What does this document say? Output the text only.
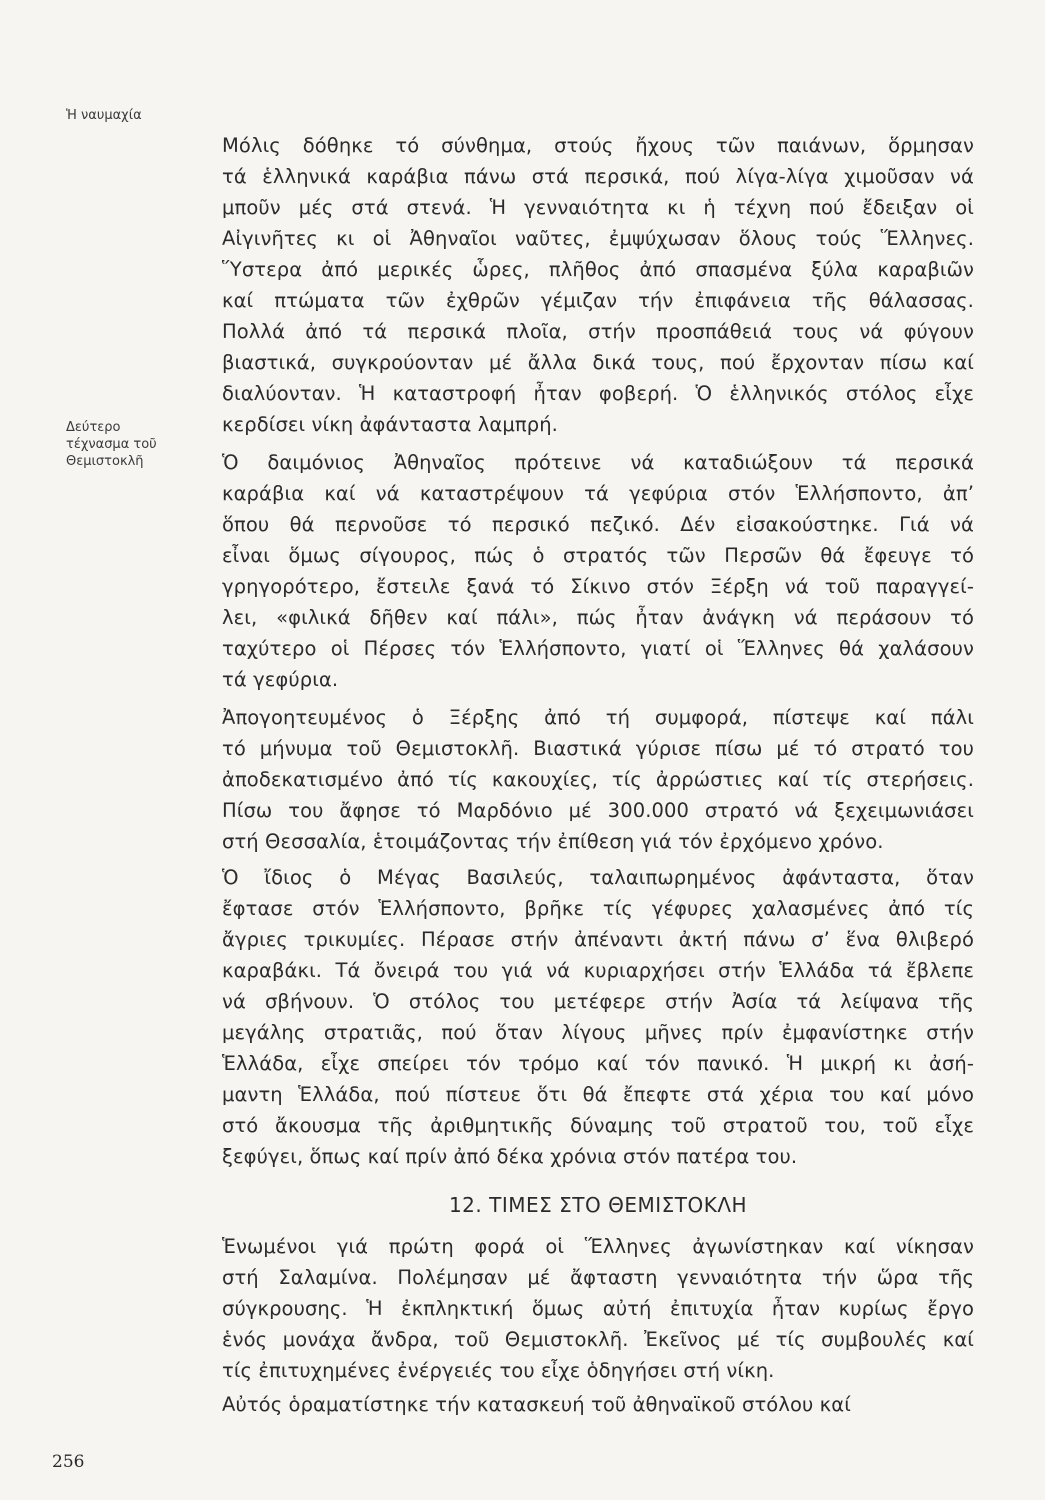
Ἡ ναυμαχία
Δεύτερο
τέχνασμα τοῦ
Θεμιστοκλῆ
Μόλις δόθηκε τό σύνθημα, στούς ἤχους τῶν παιάνων, ὅρμησαν
τά ἑλληνικά καράβια πάνω στά περσικά, πού λίγα-λίγα χιμοῦσαν νά
μποῦν μές στά στενά. Ἡ γενναιότητα κι ἡ τέχνη πού ἔδειξαν οἱ
Αἰγινῆτες κι οἱ Ἀθηναῖοι ναῦτες, ἐμψύχωσαν ὅλους τούς Ἕλληνες.
Ὕστερα ἀπό μερικές ὧρες, πλῆθος ἀπό σπασμένα ξύλα καραβιῶν
καί πτώματα τῶν ἐχθρῶν γέμιζαν τήν ἐπιφάνεια τῆς θάλασσας.
Πολλά ἀπό τά περσικά πλοῖα, στήν προσπάθειά τους νά φύγουν
βιαστικά, συγκρούονταν μέ ἄλλα δικά τους, πού ἔρχονταν πίσω καί
διαλύονταν. Ἡ καταστροφή ἦταν φοβερή. Ὁ ἑλληνικός στόλος εἶχε
κερδίσει νίκη ἀφάνταστα λαμπρή.
Ὁ δαιμόνιος Ἀθηναῖος πρότεινε νά καταδιώξουν τά περσικά
καράβια καί νά καταστρέψουν τά γεφύρια στόν Ἑλλήσποντο, ἀπ’
ὅπου θά περνοῦσε τό περσικό πεζικό. Δέν εἰσακούστηκε. Γιά νά
εἶναι ὅμως σίγουρος, πώς ὁ στρατός τῶν Περσῶν θά ἔφευγε τό
γρηγορότερο, ἔστειλε ξανά τό Σίκινο στόν Ξέρξη νά τοῦ παραγγεί-
λει, «φιλικά δῆθεν καί πάλι», πώς ἦταν ἀνάγκη νά περάσουν τό
ταχύτερο οἱ Πέρσες τόν Ἑλλήσποντο, γιατί οἱ Ἕλληνες θά χαλάσουν
τά γεφύρια.
Ἀπογοητευμένος ὁ Ξέρξης ἀπό τή συμφορά, πίστεψε καί πάλι
τό μήνυμα τοῦ Θεμιστοκλῆ. Βιαστικά γύρισε πίσω μέ τό στρατό του
ἀποδεκατισμένο ἀπό τίς κακουχίες, τίς ἀρρώστιες καί τίς στερήσεις.
Πίσω του ἄφησε τό Μαρδόνιο μέ 300.000 στρατό νά ξεχειμωνιάσει
στή Θεσσαλία, ἑτοιμάζοντας τήν ἐπίθεση γιά τόν ἐρχόμενο χρόνο.
Ὁ ἴδιος ὁ Μέγας Βασιλεύς, ταλαιπωρημένος ἀφάνταστα, ὅταν
ἔφτασε στόν Ἑλλήσποντο, βρῆκε τίς γέφυρες χαλασμένες ἀπό τίς
ἄγριες τρικυμίες. Πέρασε στήν ἀπέναντι ἀκτή πάνω σ’ ἕνα θλιβερό
καραβάκι. Τά ὄνειρά του γιά νά κυριαρχήσει στήν Ἑλλάδα τά ἔβλεπε
νά σβήνουν. Ὁ στόλος του μετέφερε στήν Ἀσία τά λείψανα τῆς
μεγάλης στρατιᾶς, πού ὅταν λίγους μῆνες πρίν ἐμφανίστηκε στήν
Ἑλλάδα, εἶχε σπείρει τόν τρόμο καί τόν πανικό. Ἡ μικρή κι ἀσή-
μαντη Ἑλλάδα, πού πίστευε ὅτι θά ἔπεφτε στά χέρια του καί μόνο
στό ἄκουσμα τῆς ἀριθμητικῆς δύναμης τοῦ στρατοῦ του, τοῦ εἶχε
ξεφύγει, ὅπως καί πρίν ἀπό δέκα χρόνια στόν πατέρα του.
12. ΤΙΜΕΣ ΣΤΟ ΘΕΜΙΣΤΟΚΛΗ
Ἑνωμένοι γιά πρώτη φορά οἱ Ἕλληνες ἀγωνίστηκαν καί νίκησαν
στή Σαλαμίνα. Πολέμησαν μέ ἄφταστη γενναιότητα τήν ὥρα τῆς
σύγκρουσης. Ἡ ἐκπληκτική ὅμως αὐτή ἐπιτυχία ἦταν κυρίως ἔργο
ἑνός μονάχα ἄνδρα, τοῦ Θεμιστοκλῆ. Ἐκεῖνος μέ τίς συμβουλές καί
τίς ἐπιτυχημένες ἐνέργειές του εἶχε ὁδηγήσει στή νίκη.
Αὐτός ὁραματίστηκε τήν κατασκευή τοῦ ἀθηναϊκοῦ στόλου καί
256
